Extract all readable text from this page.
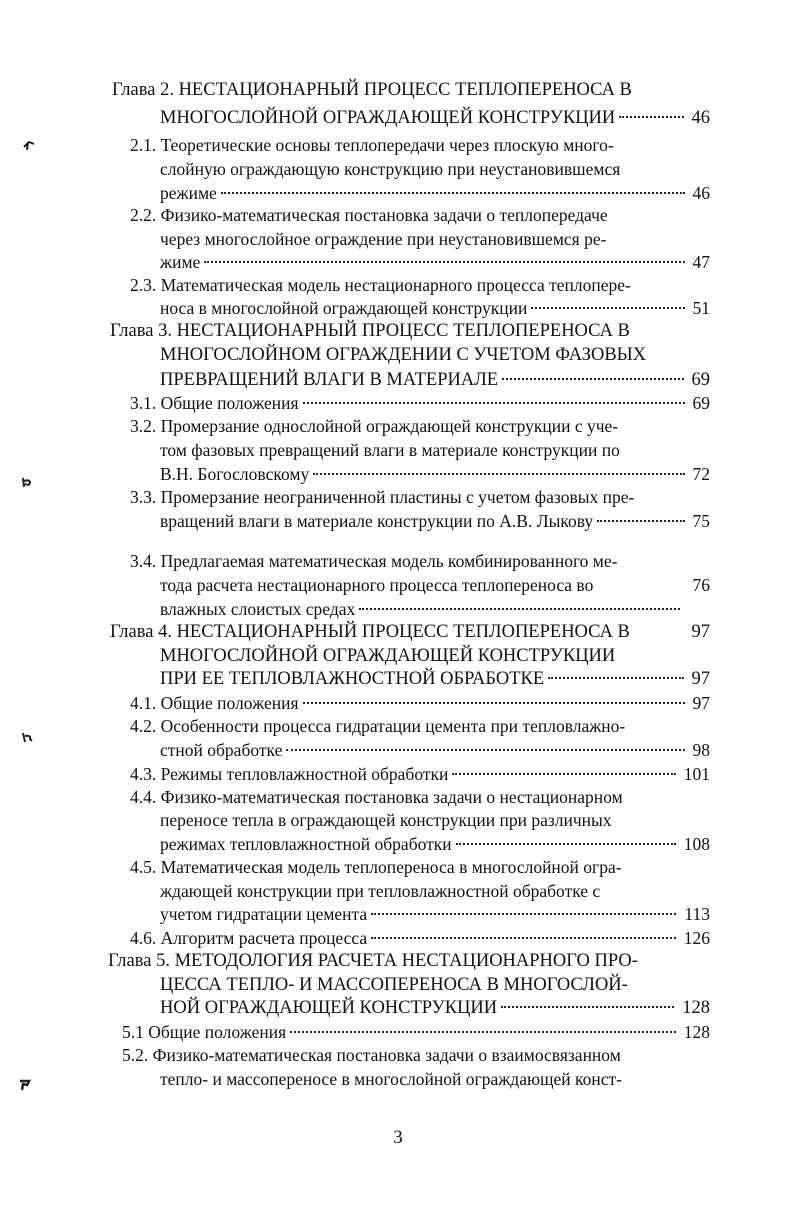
Глава 2. НЕСТАЦИОНАРНЫЙ ПРОЦЕСС ТЕПЛОПЕРЕНОСА В
МНОГОСЛОЙНОЙ ОГРАЖДАЮЩЕЙ КОНСТРУКЦИИ	46
2.1. Теоретические основы теплопередачи через плоскую много-
слойную ограждающую конструкцию при неустановившемся
режиме	46
2.2. Физико-математическая постановка задачи о теплопередаче
через многослойное ограждение при неустановившемся ре-
жиме	47
2.3. Математическая модель нестационарного процесса теплопере-
носа в многослойной ограждающей конструкции	51
Глава 3. НЕСТАЦИОНАРНЫЙ ПРОЦЕСС ТЕПЛОПЕРЕНОСА В
МНОГОСЛОЙНОМ ОГРАЖДЕНИИ С УЧЕТОМ ФАЗОВЫХ
ПРЕВРАЩЕНИЙ ВЛАГИ В МАТЕРИАЛЕ	69
3.1. Общие положения	69
3.2. Промерзание однослойной ограждающей конструкции с уче-
том фазовых превращений влаги в материале конструкции по
В.Н. Богословскому	72
3.3. Промерзание неограниченной пластины с учетом фазовых пре-
вращений влаги в материале конструкции по А.В. Лыкову	75
3.4. Предлагаемая математическая модель комбинированного ме-
тода расчета нестационарного процесса теплопереноса во	76
влажных слоистых средах
Глава 4. НЕСТАЦИОНАРНЫЙ ПРОЦЕСС ТЕПЛОПЕРЕНОСА В	97
МНОГОСЛОЙНОЙ ОГРАЖДАЮЩЕЙ КОНСТРУКЦИИ
ПРИ ЕЕ ТЕПЛОВЛАЖНОСТНОЙ ОБРАБОТКЕ	97
4.1. Общие положения	97
4.2. Особенности процесса гидратации цемента при тепловлажно-
стной обработке	98
4.3. Режимы тепловлажностной обработки	101
4.4. Физико-математическая постановка задачи о нестационарном
переносе тепла в ограждающей конструкции при различных
режимах тепловлажностной обработки	108
4.5. Математическая модель теплопереноса в многослойной огра-
ждающей конструкции при тепловлажностной обработке с
учетом гидратации цемента	113
4.6. Алгоритм расчета процесса	126
Глава 5. МЕТОДОЛОГИЯ РАСЧЕТА НЕСТАЦИОНАРНОГО ПРО-
ЦЕССА ТЕПЛО- И МАССОПЕРЕНОСА В МНОГОСЛОЙ-
НОЙ ОГРАЖДАЮЩЕЙ КОНСТРУКЦИИ	128
5.1 Общие положения	128
5.2. Физико-математическая постановка задачи о взаимосвязанном
тепло- и массопереносе в многослойной ограждающей конст-
3
